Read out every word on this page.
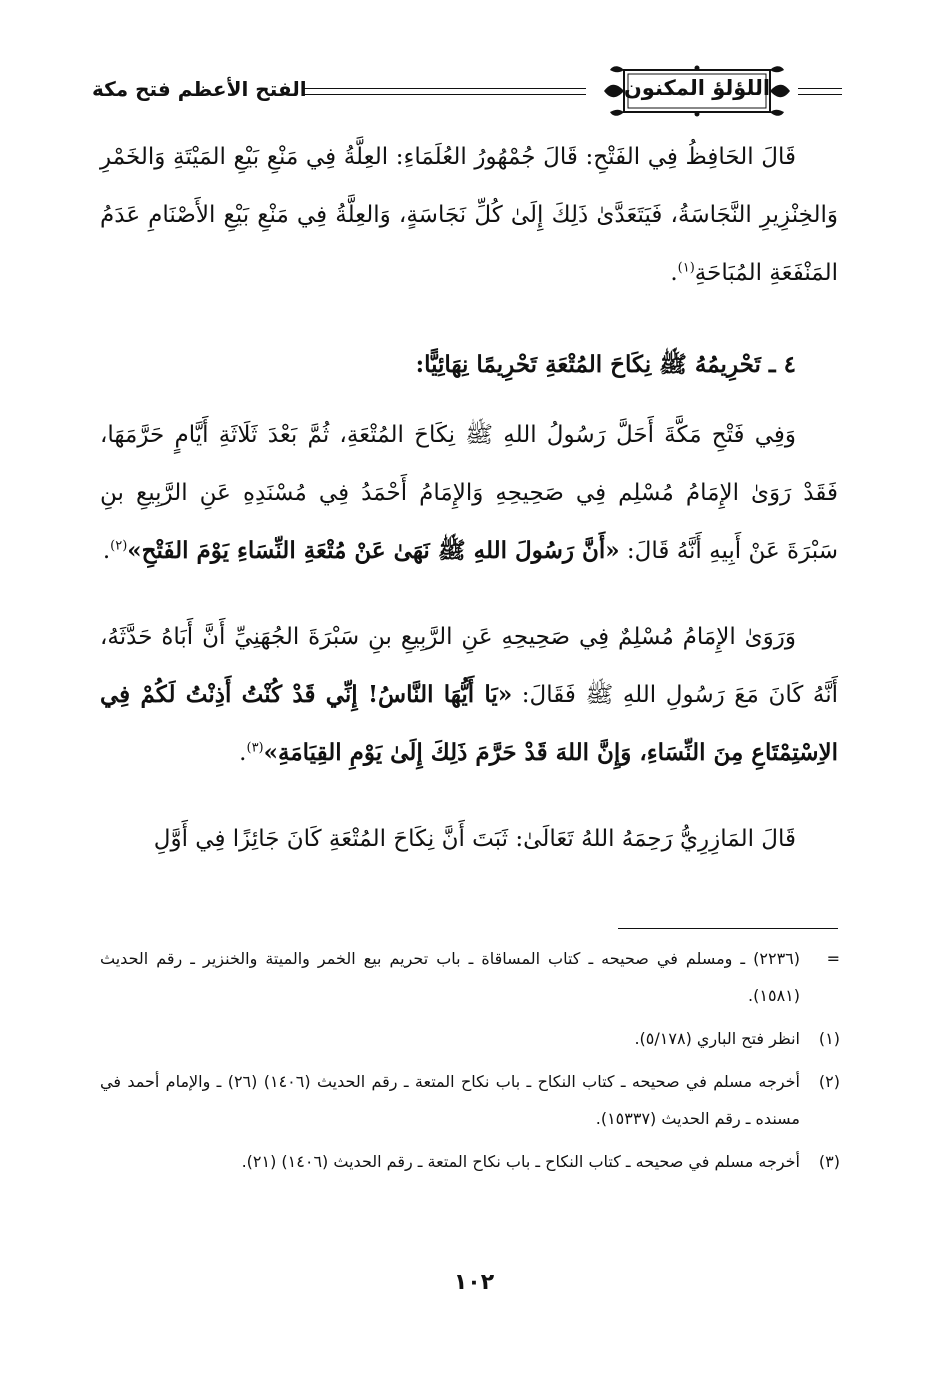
اللؤلؤ المكنون
الفتح الأعظم فتح مكة

قَالَ الحَافِظُ فِي الفَتْحِ: قَالَ جُمْهُورُ العُلَمَاءِ: العِلَّةُ فِي مَنْعِ بَيْعِ المَيْتَةِ وَالخَمْرِ وَالخِنْزِيرِ النَّجَاسَةُ، فَيَتَعَدَّىٰ ذَلِكَ إِلَىٰ كُلِّ نَجَاسَةٍ، وَالعِلَّةُ فِي مَنْعِ بَيْعِ الأَصْنَامِ عَدَمُ المَنْفَعَةِ المُبَاحَةِ$^{(١)}$.

٤ ـ تَحْرِيمُهُ ﷺ نِكَاحَ المُتْعَةِ تَحْرِيمًا نِهَائِيًّا:

وَفِي فَتْحِ مَكَّةَ أَحَلَّ رَسُولُ اللهِ ﷺ نِكَاحَ المُتْعَةِ، ثُمَّ بَعْدَ ثَلَاثَةِ أَيَّامٍ حَرَّمَهَا، فَقَدْ رَوَىٰ الإِمَامُ مُسْلِم فِي صَحِيحِهِ وَالإِمَامُ أَحْمَدُ فِي مُسْنَدِهِ عَنِ الرَّبِيعِ بنِ سَبْرَةَ عَنْ أَبِيهِ أَنَّهُ قَالَ: «أَنَّ رَسُولَ اللهِ ﷺ نَهَىٰ عَنْ مُتْعَةِ النِّسَاءِ يَوْمَ الفَتْحِ»$^{(٢)}$.

وَرَوَىٰ الإِمَامُ مُسْلِمٌ فِي صَحِيحِهِ عَنِ الرَّبِيعِ بنِ سَبْرَةَ الجُهَنِيِّ أَنَّ أَبَاهُ حَدَّثَهُ، أَنَّهُ كَانَ مَعَ رَسُولِ اللهِ ﷺ فَقَالَ: «يَا أَيُّهَا النَّاسُ! إِنِّي قَدْ كُنْتُ أَذِنْتُ لَكُمْ فِي الاِسْتِمْتَاعِ مِنَ النِّسَاءِ، وَإِنَّ اللهَ قَدْ حَرَّمَ ذَلِكَ إِلَىٰ يَوْمِ القِيَامَةِ»$^{(٣)}$.

قَالَ المَازِرِيُّ رَحِمَهُ اللهُ تَعَالَىٰ: ثَبَتَ أَنَّ نِكَاحَ المُتْعَةِ كَانَ جَائِزًا فِي أَوَّلِ

=
(٢٢٣٦) ـ ومسلم في صحيحه ـ كتاب المساقاة ـ باب تحريم بيع الخمر والميتة والخنزير ـ رقم الحديث (١٥٨١).
(١)
انظر فتح الباري (٥/١٧٨).
(٢)
أخرجه مسلم في صحيحه ـ كتاب النكاح ـ باب نكاح المتعة ـ رقم الحديث (١٤٠٦) (٢٦) ـ والإمام أحمد في مسنده ـ رقم الحديث (١٥٣٣٧).
(٣)
أخرجه مسلم في صحيحه ـ كتاب النكاح ـ باب نكاح المتعة ـ رقم الحديث (١٤٠٦) (٢١).
١٠٢
